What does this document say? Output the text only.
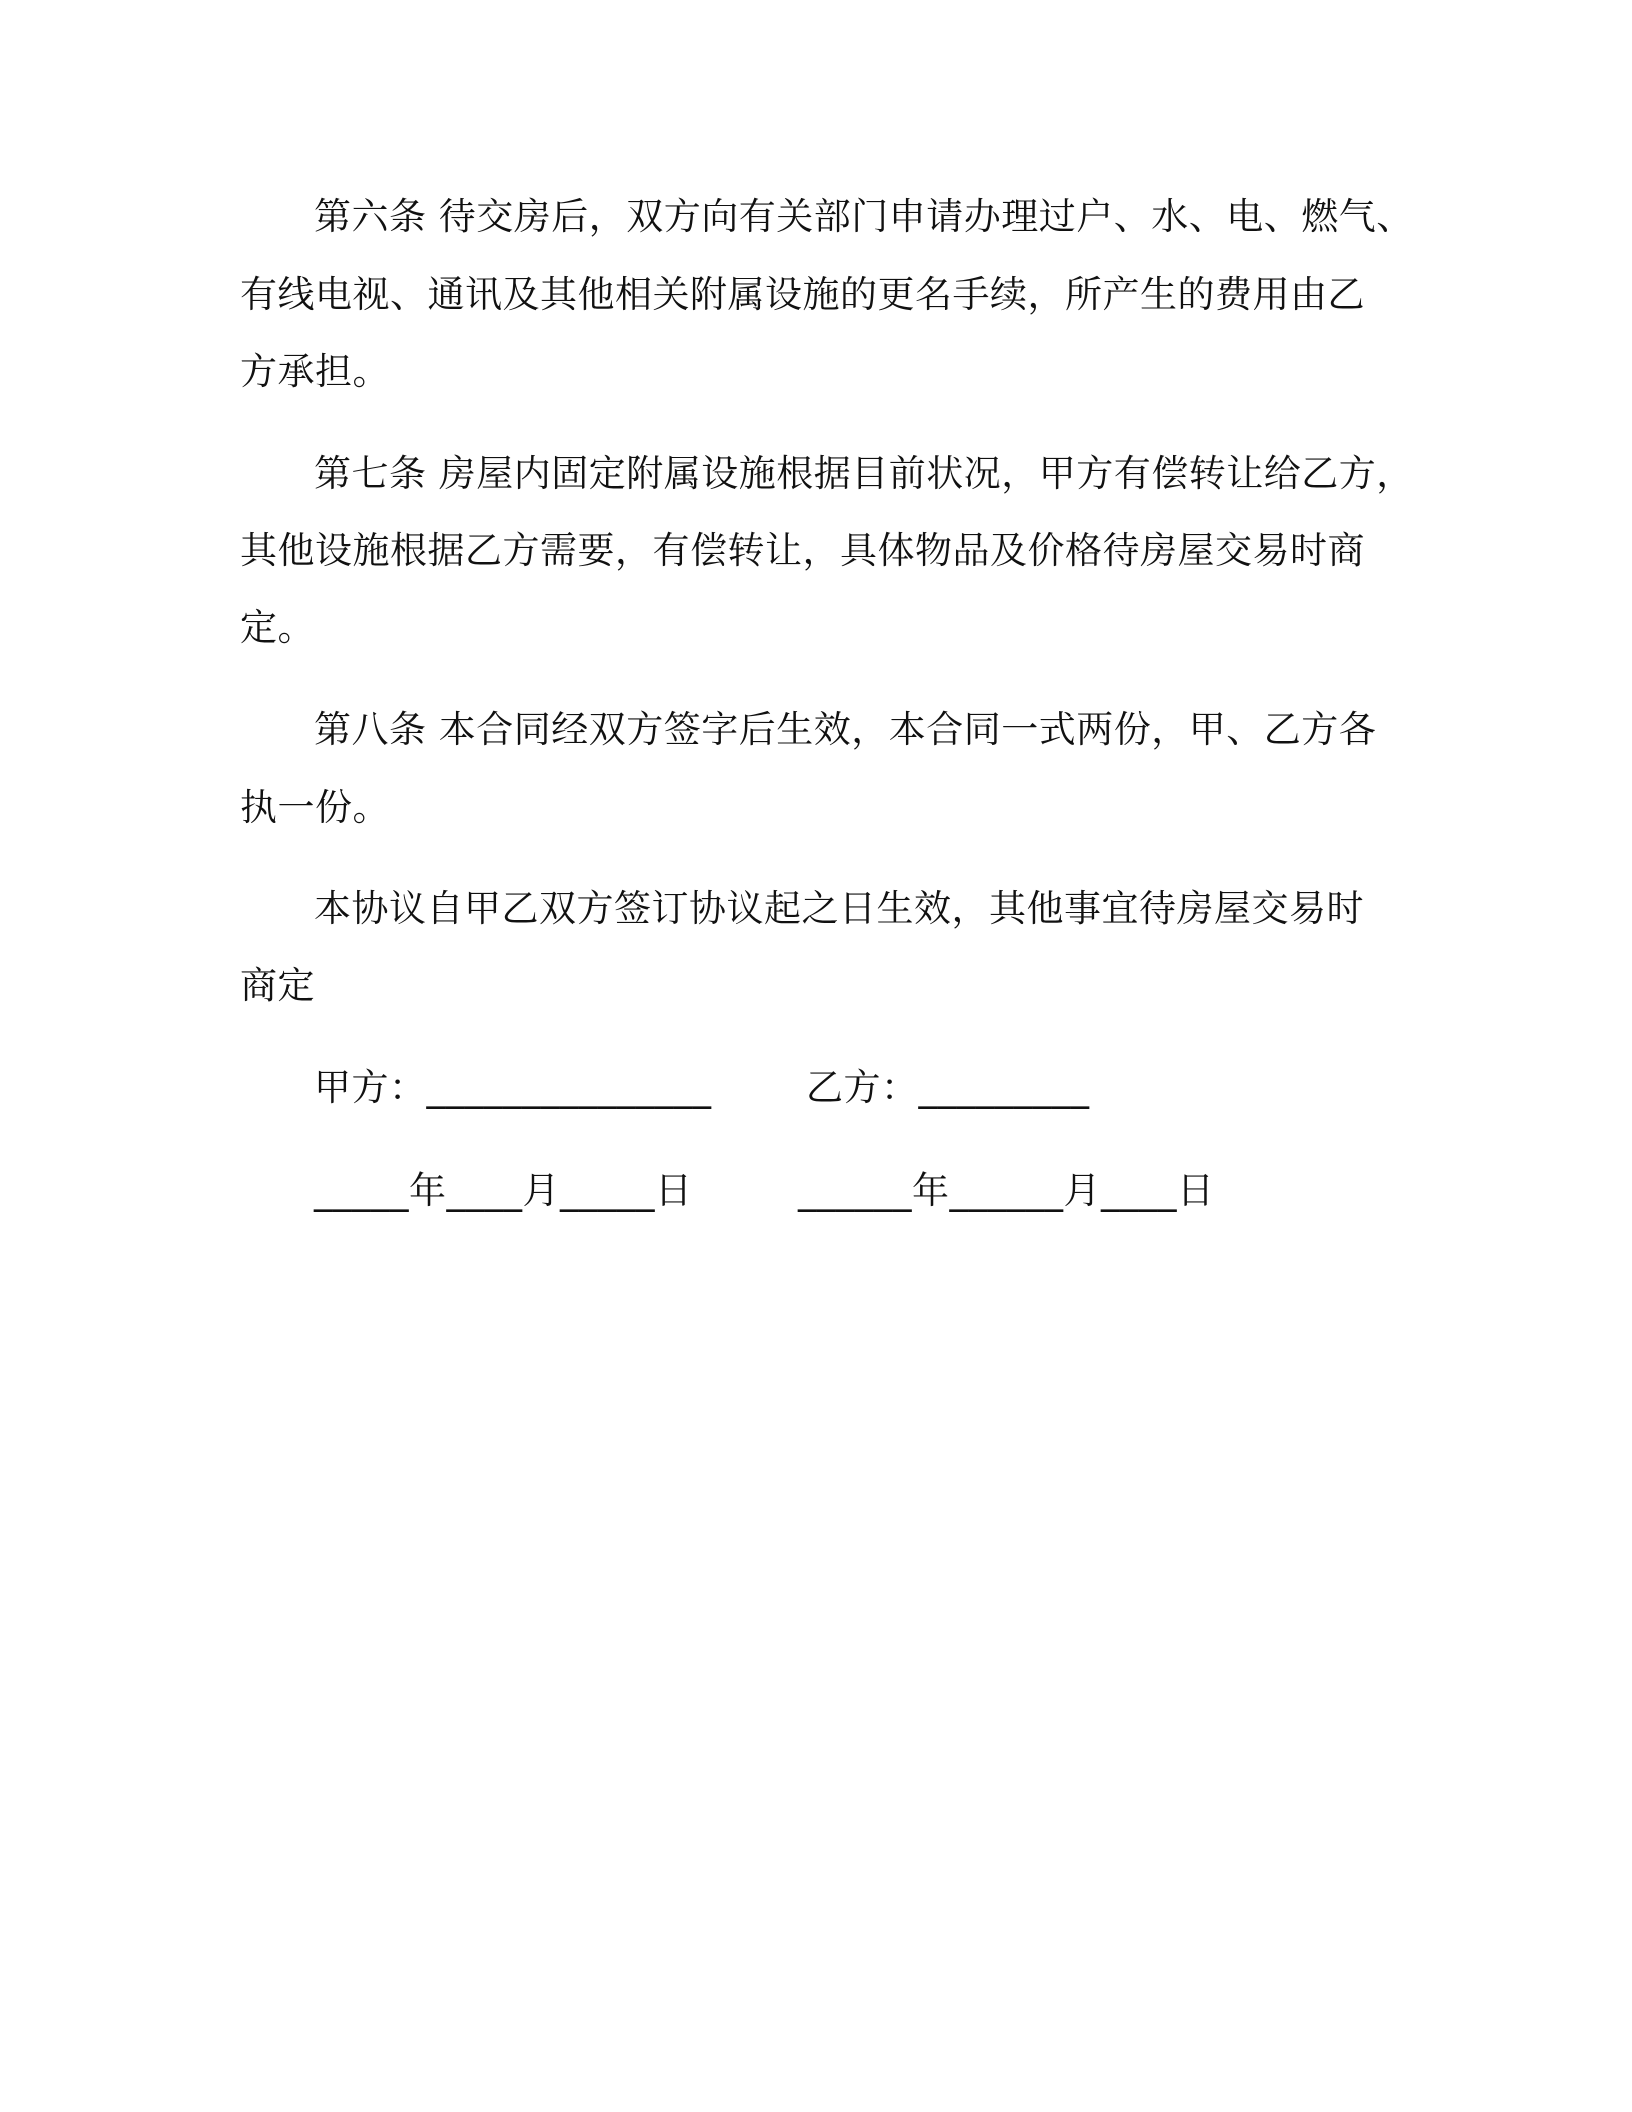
第六条 待交房后，双方向有关部门申请办理过户、水、电、燃气、
有线电视、通讯及其他相关附属设施的更名手续，所产生的费用由乙
方承担。
第七条 房屋内固定附属设施根据目前状况，甲方有偿转让给乙方，
其他设施根据乙方需要，有偿转让，具体物品及价格待房屋交易时商
定。
第八条 本合同经双方签字后生效，本合同一式两份，甲、乙方各
执一份。
本协议自甲乙双方签订协议起之日生效，其他事宜待房屋交易时
商定
甲方：_______________	乙方：_________
_____年____月_____日	______年______月____日
